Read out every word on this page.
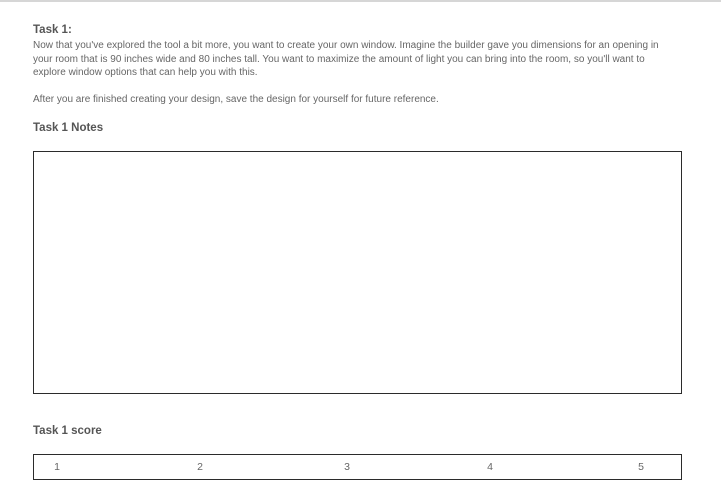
Task 1:

Now that you've explored the tool a bit more, you want to create your own window. Imagine the builder gave you dimensions for an opening in your room that is 90 inches wide and 80 inches tall. You want to maximize the amount of light you can bring into the room, so you'll want to explore window options that can help you with this.

After you are finished creating your design, save the design for yourself for future reference.

Task 1 Notes
Task 1 score
1	2	3	4	5
